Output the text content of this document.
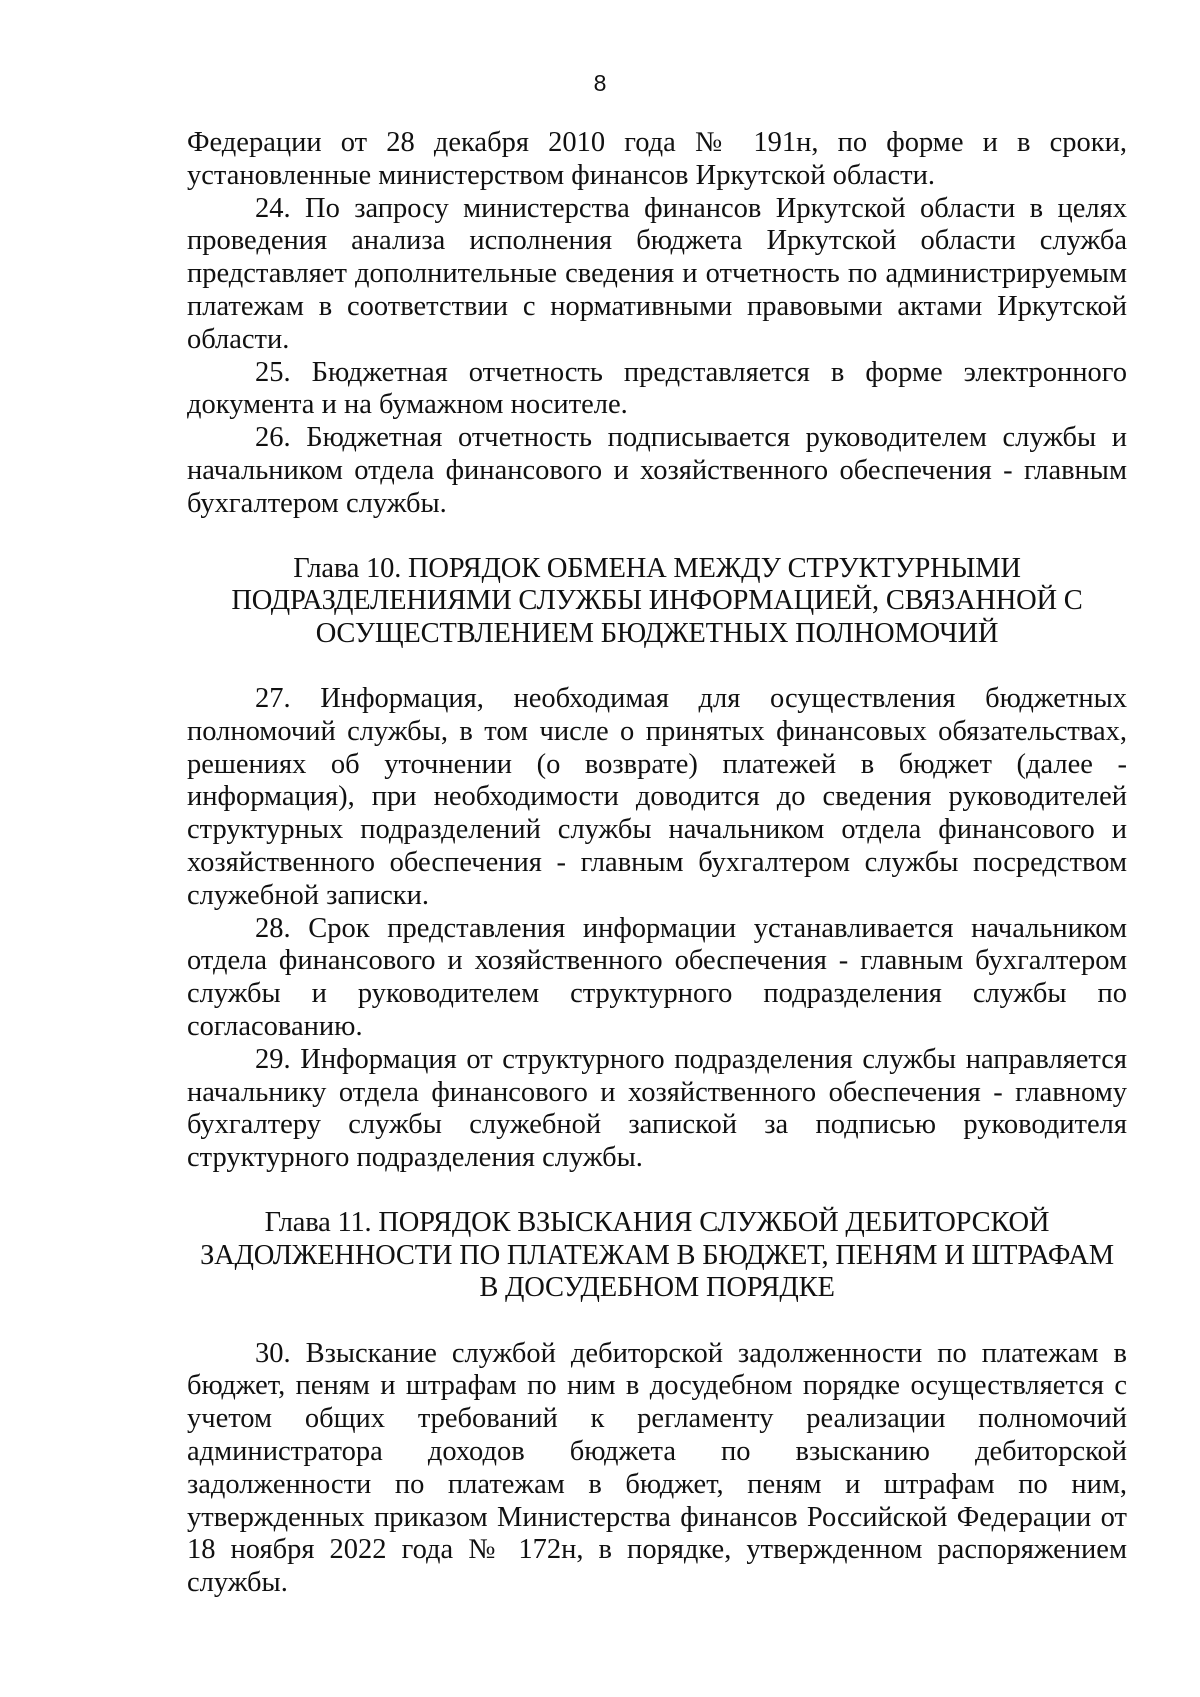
8

Федерации от 28 декабря 2010 года № 191н, по форме и в сроки, установленные министерством финансов Иркутской области.

24. По запросу министерства финансов Иркутской области в целях проведения анализа исполнения бюджета Иркутской области служба представляет дополнительные сведения и отчетность по администрируемым платежам в соответствии с нормативными правовыми актами Иркутской области.

25. Бюджетная отчетность представляется в форме электронного документа и на бумажном носителе.

26. Бюджетная отчетность подписывается руководителем службы и начальником отдела финансового и хозяйственного обеспечения - главным бухгалтером службы.

Глава 10. ПОРЯДОК ОБМЕНА МЕЖДУ СТРУКТУРНЫМИ

ПОДРАЗДЕЛЕНИЯМИ СЛУЖБЫ ИНФОРМАЦИЕЙ, СВЯЗАННОЙ С

ОСУЩЕСТВЛЕНИЕМ БЮДЖЕТНЫХ ПОЛНОМОЧИЙ

27. Информация, необходимая для осуществления бюджетных полномочий службы, в том числе о принятых финансовых обязательствах, решениях об уточнении (о возврате) платежей в бюджет (далее - информация), при необходимости доводится до сведения руководителей структурных подразделений службы начальником отдела финансового и хозяйственного обеспечения - главным бухгалтером службы посредством служебной записки.

28. Срок представления информации устанавливается начальником отдела финансового и хозяйственного обеспечения - главным бухгалтером службы и руководителем структурного подразделения службы по согласованию.

29. Информация от структурного подразделения службы направляется начальнику отдела финансового и хозяйственного обеспечения - главному бухгалтеру службы служебной запиской за подписью руководителя структурного подразделения службы.

Глава 11. ПОРЯДОК ВЗЫСКАНИЯ СЛУЖБОЙ ДЕБИТОРСКОЙ

ЗАДОЛЖЕННОСТИ ПО ПЛАТЕЖАМ В БЮДЖЕТ, ПЕНЯМ И ШТРАФАМ

В ДОСУДЕБНОМ ПОРЯДКЕ

30. Взыскание службой дебиторской задолженности по платежам в бюджет, пеням и штрафам по ним в досудебном порядке осуществляется с учетом общих требований к регламенту реализации полномочий администратора доходов бюджета по взысканию дебиторской задолженности по платежам в бюджет, пеням и штрафам по ним, утвержденных приказом Министерства финансов Российской Федерации от 18 ноября 2022 года № 172н, в порядке, утвержденном распоряжением службы.
